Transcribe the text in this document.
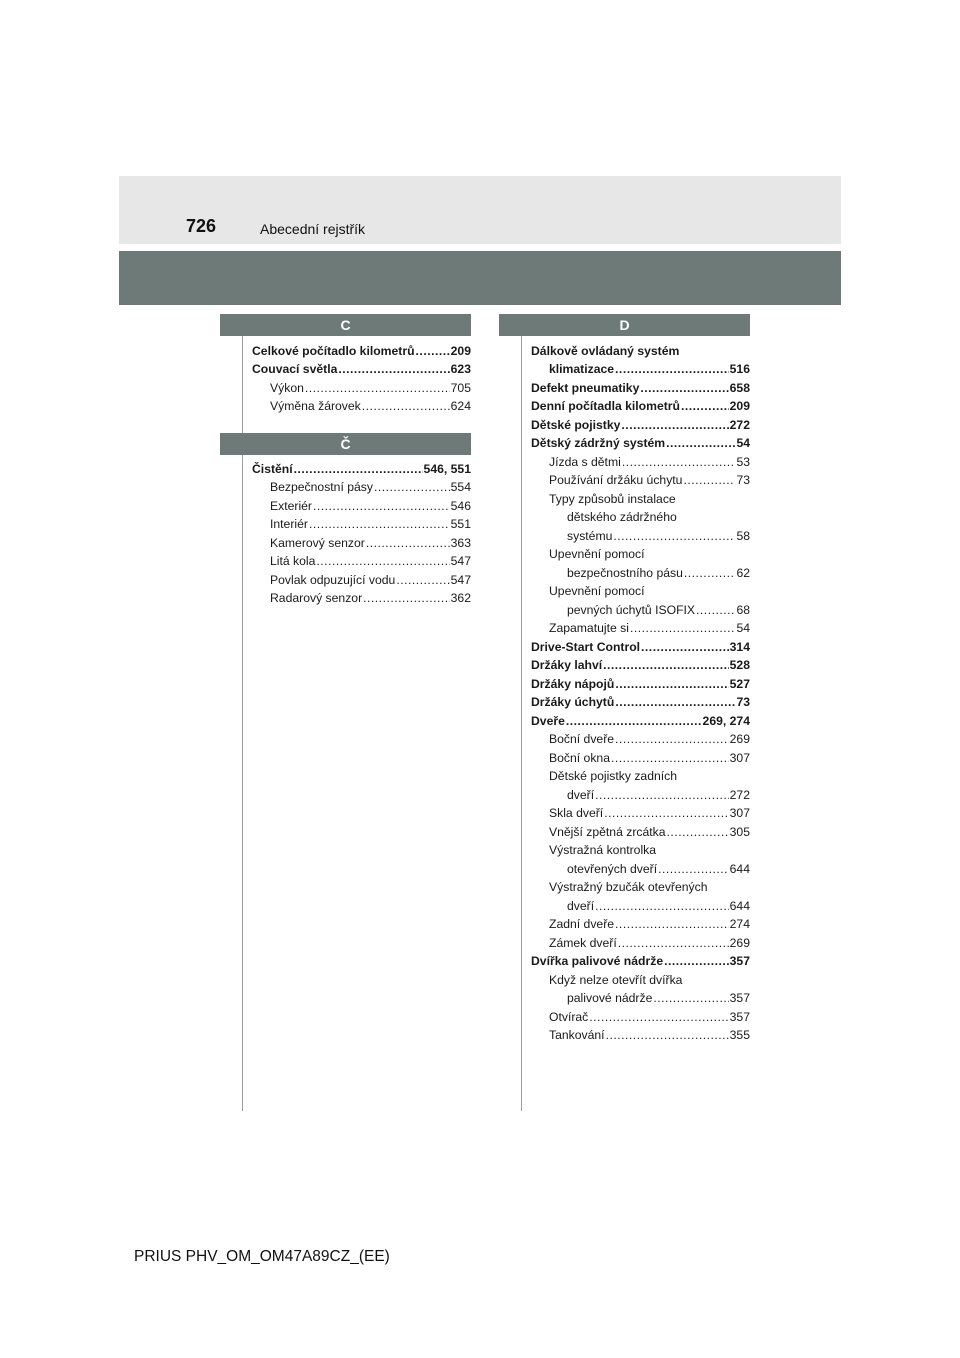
726	Abecední rejstřík
C
Celkové počítadlo kilometrů .....	209
Couvací světla .....	623
Výkon .....	705
Výměna žárovek .....	624
Č
Čistění .....	546, 551
Bezpečnostní pásy .....	554
Exteriér .....	546
Interiér .....	551
Kamerový senzor .....	363
Litá kola .....	547
Povlak odpuzující vodu .....	547
Radarový senzor .....	362
D
Dálkově ovládaný systém
klimatizace .....	516
Defekt pneumatiky .....	658
Denní počítadla kilometrů .....	209
Dětské pojistky .....	272
Dětský zádržný systém .....	54
Jízda s dětmi .....	53
Používání držáku úchytu .....	73
Typy způsobů instalace
dětského zádržného
systému .....	58
Upevnění pomocí
bezpečnostního pásu .....	62
Upevnění pomocí
pevných úchytů ISOFIX .....	68
Zapamatujte si .....	54
Drive-Start Control .....	314
Držáky lahví .....	528
Držáky nápojů .....	527
Držáky úchytů .....	73
Dveře .....	269, 274
Boční dveře .....	269
Boční okna .....	307
Dětské pojistky zadních
dveří .....	272
Skla dveří .....	307
Vnější zpětná zrcátka .....	305
Výstražná kontrolka
otevřených dveří .....	644
Výstražný bzučák otevřených
dveří .....	644
Zadní dveře .....	274
Zámek dveří .....	269
Dvířka palivové nádrže .....	357
Když nelze otevřít dvířka
palivové nádrže .....	357
Otvírač .....	357
Tankování .....	355
PRIUS PHV_OM_OM47A89CZ_(EE)
